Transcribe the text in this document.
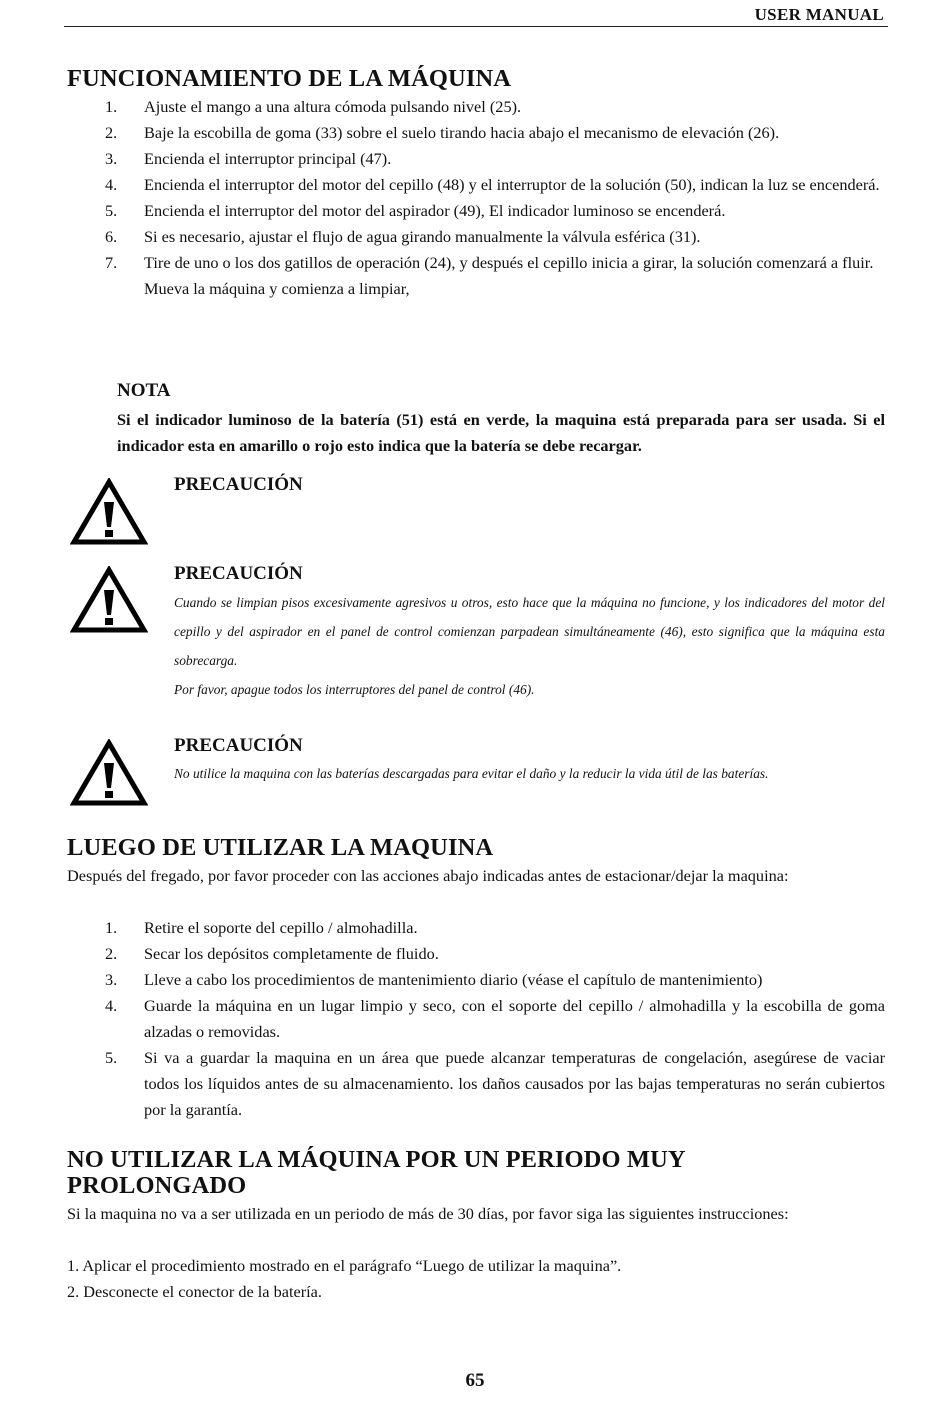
USER MANUAL
FUNCIONAMIENTO DE LA MÁQUINA
1. Ajuste el mango a una altura cómoda pulsando nivel (25).
2. Baje la escobilla de goma (33) sobre el suelo tirando hacia abajo el mecanismo de elevación (26).
3. Encienda el interruptor principal (47).
4. Encienda el interruptor del motor del cepillo (48) y el interruptor de la solución (50), indican la luz se encenderá.
5. Encienda el interruptor del motor del aspirador (49), El indicador luminoso se encenderá.
6. Si es necesario, ajustar el flujo de agua girando manualmente la válvula esférica (31).
7. Tire de uno o los dos gatillos de operación (24), y después el cepillo inicia a girar, la solución comenzará a fluir. Mueva la máquina y comienza a limpiar,
NOTA

Si el indicador luminoso de la batería (51) está en verde, la maquina está preparada para ser usada. Si el indicador esta en amarillo o rojo esto indica que la batería se debe recargar.

PRECAUCIÓN
PRECAUCIÓN

Cuando se limpian pisos excesivamente agresivos u otros, esto hace que la máquina no funcione, y los indicadores del motor del cepillo y del aspirador en el panel de control comienzan parpadean simultáneamente (46), esto significa que la máquina esta sobrecarga.

Por favor, apague todos los interruptores del panel de control (46).

PRECAUCIÓN

No utilice la maquina con las baterías descargadas para evitar el daño y la reducir la vida útil de las baterías.

LUEGO DE UTILIZAR LA MAQUINA

Después del fregado, por favor proceder con las acciones abajo indicadas antes de estacionar/dejar la maquina:

1. Retire el soporte del cepillo / almohadilla.
2. Secar los depósitos completamente de fluido.
3. Lleve a cabo los procedimientos de mantenimiento diario (véase el capítulo de mantenimiento)
4. Guarde la máquina en un lugar limpio y seco, con el soporte del cepillo / almohadilla y la escobilla de goma alzadas o removidas.
5. Si va a guardar la maquina en un área que puede alcanzar temperaturas de congelación, asegúrese de vaciar   todos los líquidos antes de su almacenamiento. los daños causados por las bajas temperaturas no serán cubiertos por la garantía.
NO UTILIZAR LA MÁQUINA POR UN PERIODO MUY
PROLONGADO

Si la maquina no va a ser utilizada en un periodo de más de 30 días, por favor siga las siguientes instrucciones:

1. Aplicar el procedimiento mostrado en el parágrafo “Luego de utilizar la maquina”.

2. Desconecte el conector de la batería.

65
